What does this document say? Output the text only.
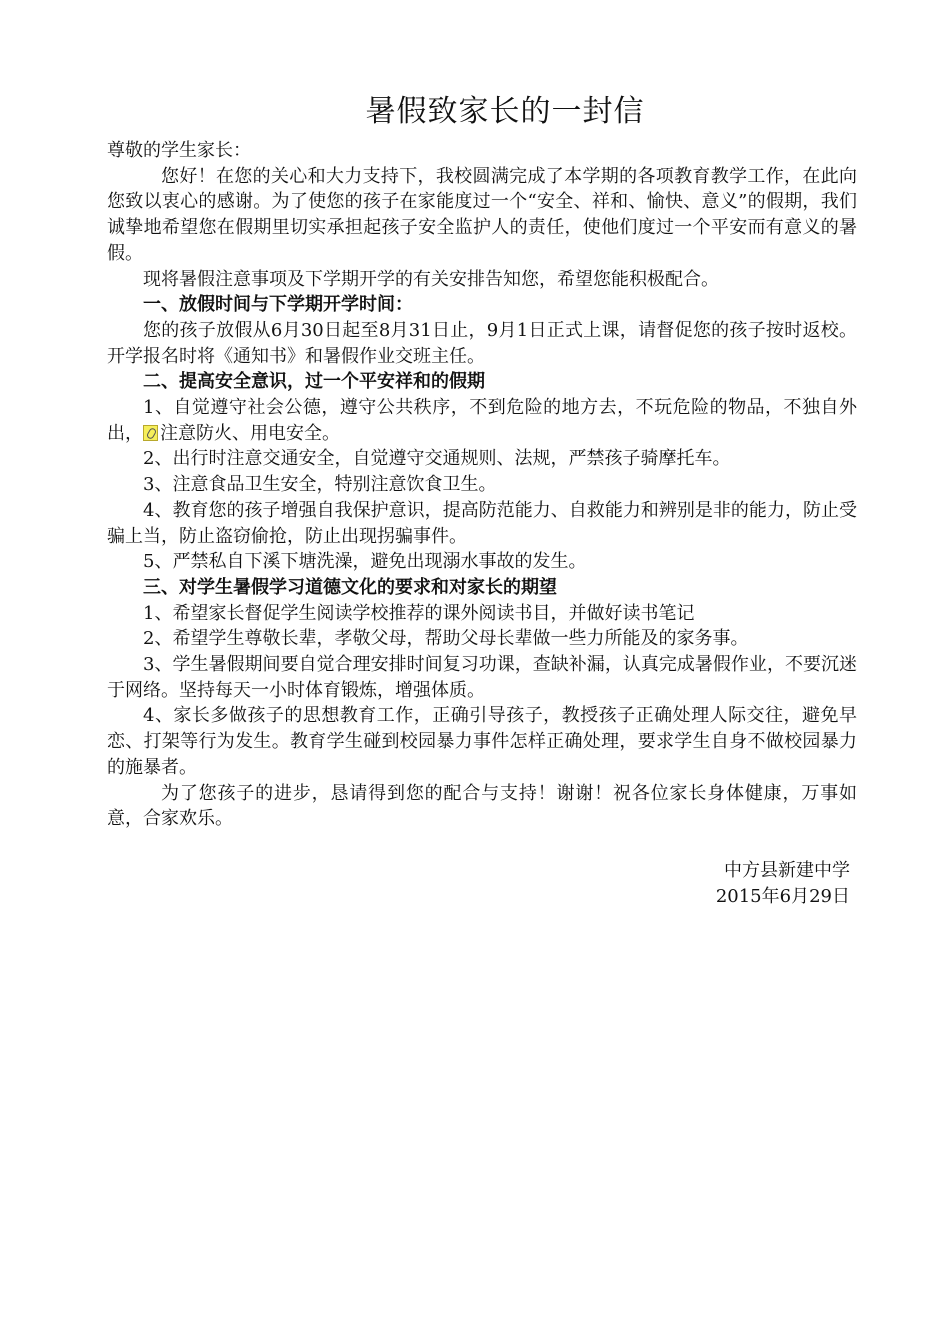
暑假致家长的一封信

尊敬的学生家长：

您好！在您的关心和大力支持下，我校圆满完成了本学期的各项教育教学工作，在此向您致以衷心的感谢。为了使您的孩子在家能度过一个“安全、祥和、愉快、意义”的假期，我们诚挚地希望您在假期里切实承担起孩子安全监护人的责任，使他们度过一个平安而有意义的暑假。

现将暑假注意事项及下学期开学的有关安排告知您，希望您能积极配合。

一、放假时间与下学期开学时间：

您的孩子放假从6月30日起至8月31日止，9月1日正式上课，请督促您的孩子按时返校。开学报名时将《通知书》和暑假作业交班主任。

二、提高安全意识，过一个平安祥和的假期

1、自觉遵守社会公德，遵守公共秩序，不到危险的地方去，不玩危险的物品，不独自外出， 注意防火、用电安全。

2、出行时注意交通安全，自觉遵守交通规则、法规，严禁孩子骑摩托车。

3、注意食品卫生安全，特别注意饮食卫生。

4、教育您的孩子增强自我保护意识，提高防范能力、自救能力和辨别是非的能力，防止受骗上当，防止盗窃偷抢，防止出现拐骗事件。

5、严禁私自下溪下塘洗澡，避免出现溺水事故的发生。

三、对学生暑假学习道德文化的要求和对家长的期望

1、希望家长督促学生阅读学校推荐的课外阅读书目，并做好读书笔记

2、希望学生尊敬长辈，孝敬父母，帮助父母长辈做一些力所能及的家务事。

3、学生暑假期间要自觉合理安排时间复习功课，查缺补漏，认真完成暑假作业，不要沉迷于网络。坚持每天一小时体育锻炼，增强体质。

4、家长多做孩子的思想教育工作，正确引导孩子，教授孩子正确处理人际交往，避免早恋、打架等行为发生。教育学生碰到校园暴力事件怎样正确处理，要求学生自身不做校园暴力的施暴者。

为了您孩子的进步，恳请得到您的配合与支持！谢谢！祝各位家长身体健康，万事如意，合家欢乐。

中方县新建中学

2015年6月29日
